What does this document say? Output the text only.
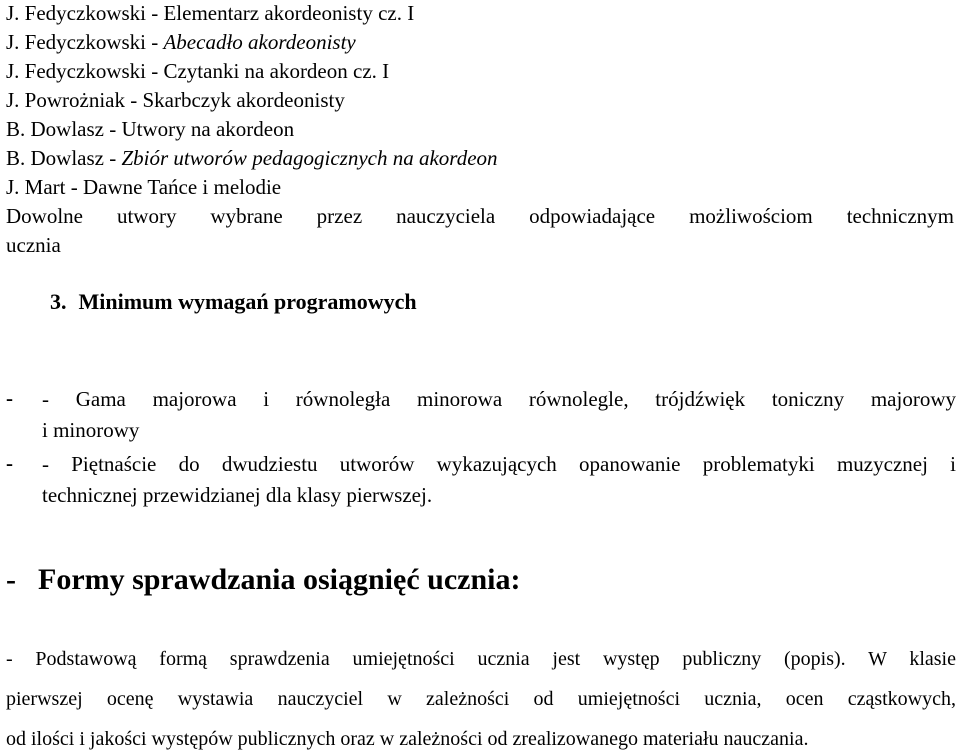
J. Fedyczkowski - Elementarz akordeonisty cz. I
J. Fedyczkowski - Abecadło akordeonisty
J. Fedyczkowski - Czytanki na akordeon cz. I
J. Powrożniak - Skarbczyk akordeonisty
B. Dowlasz - Utwory na akordeon
B. Dowlasz - Zbiór utworów pedagogicznych na akordeon
J. Mart - Dawne Tańce i melodie
Dowolne utwory wybrane przez nauczyciela odpowiadające możliwościom technicznym
ucznia
3. Minimum wymagań programowych
- - Gama majorowa i równoległa minorowa równolegle, trójdźwięk toniczny majorowy
i minorowy
- - Piętnaście do dwudziestu utworów wykazujących opanowanie problematyki muzycznej i
technicznej przewidzianej dla klasy pierwszej.
- Formy sprawdzania osiągnięć ucznia:
- Podstawową formą sprawdzenia umiejętności ucznia jest występ publiczny (popis). W klasie
pierwszej ocenę wystawia nauczyciel w zależności od umiejętności ucznia, ocen cząstkowych,
od ilości i jakości występów publicznych oraz w zależności od zrealizowanego materiału nauczania.
